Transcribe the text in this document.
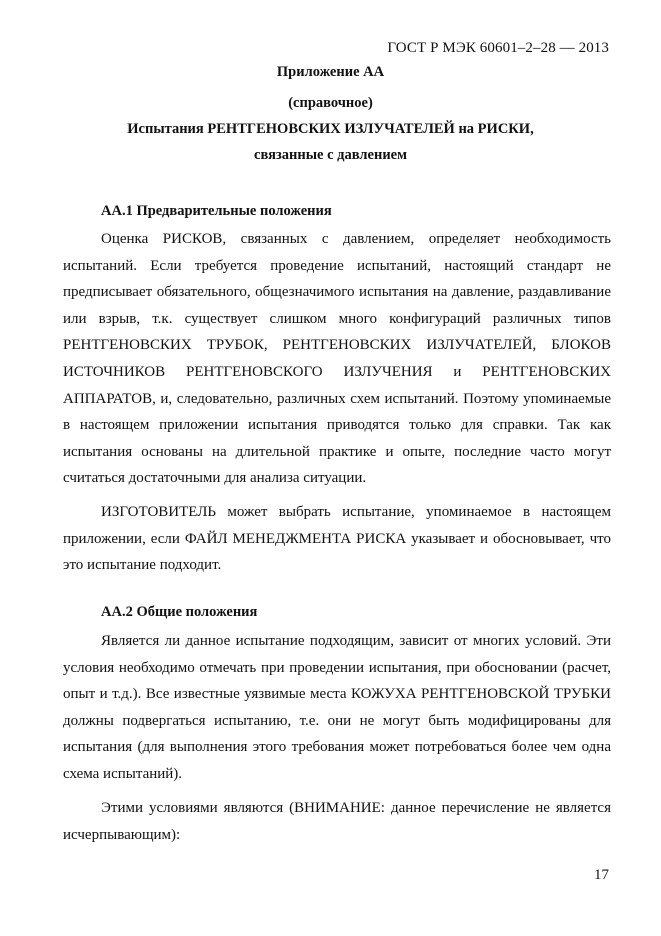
ГОСТ Р МЭК 60601–2–28 — 2013
Приложение АА
(справочное)
Испытания РЕНТГЕНОВСКИХ ИЗЛУЧАТЕЛЕЙ на РИСКИ,
связанные с давлением
АА.1 Предварительные положения

Оценка РИСКОВ, связанных с давлением, определяет необходимость испытаний. Если требуется проведение испытаний, настоящий стандарт не предписывает обязательного, общезначимого испытания на давление, раздавливание или взрыв, т.к. существует слишком много конфигураций различных типов РЕНТГЕНОВСКИХ ТРУБОК, РЕНТГЕНОВСКИХ ИЗЛУЧАТЕЛЕЙ, БЛОКОВ ИСТОЧНИКОВ РЕНТГЕНОВСКОГО ИЗЛУЧЕНИЯ и РЕНТГЕНОВСКИХ АППАРАТОВ, и, следовательно, различных схем испытаний. Поэтому упоминаемые в настоящем приложении испытания приводятся только для справки. Так как испытания основаны на длительной практике и опыте, последние часто могут считаться достаточными для анализа ситуации.

ИЗГОТОВИТЕЛЬ может выбрать испытание, упоминаемое в настоящем приложении, если ФАЙЛ МЕНЕДЖМЕНТА РИСКА указывает и обосновывает, что это испытание подходит.

АА.2 Общие положения

Является ли данное испытание подходящим, зависит от многих условий. Эти условия необходимо отмечать при проведении испытания, при обосновании (расчет, опыт и т.д.). Все известные уязвимые места КОЖУХА РЕНТГЕНОВСКОЙ ТРУБКИ должны подвергаться испытанию, т.е. они не могут быть модифицированы для испытания (для выполнения этого требования может потребоваться более чем одна схема испытаний).

Этими условиями являются (ВНИМАНИЕ: данное перечисление не является исчерпывающим):

17
